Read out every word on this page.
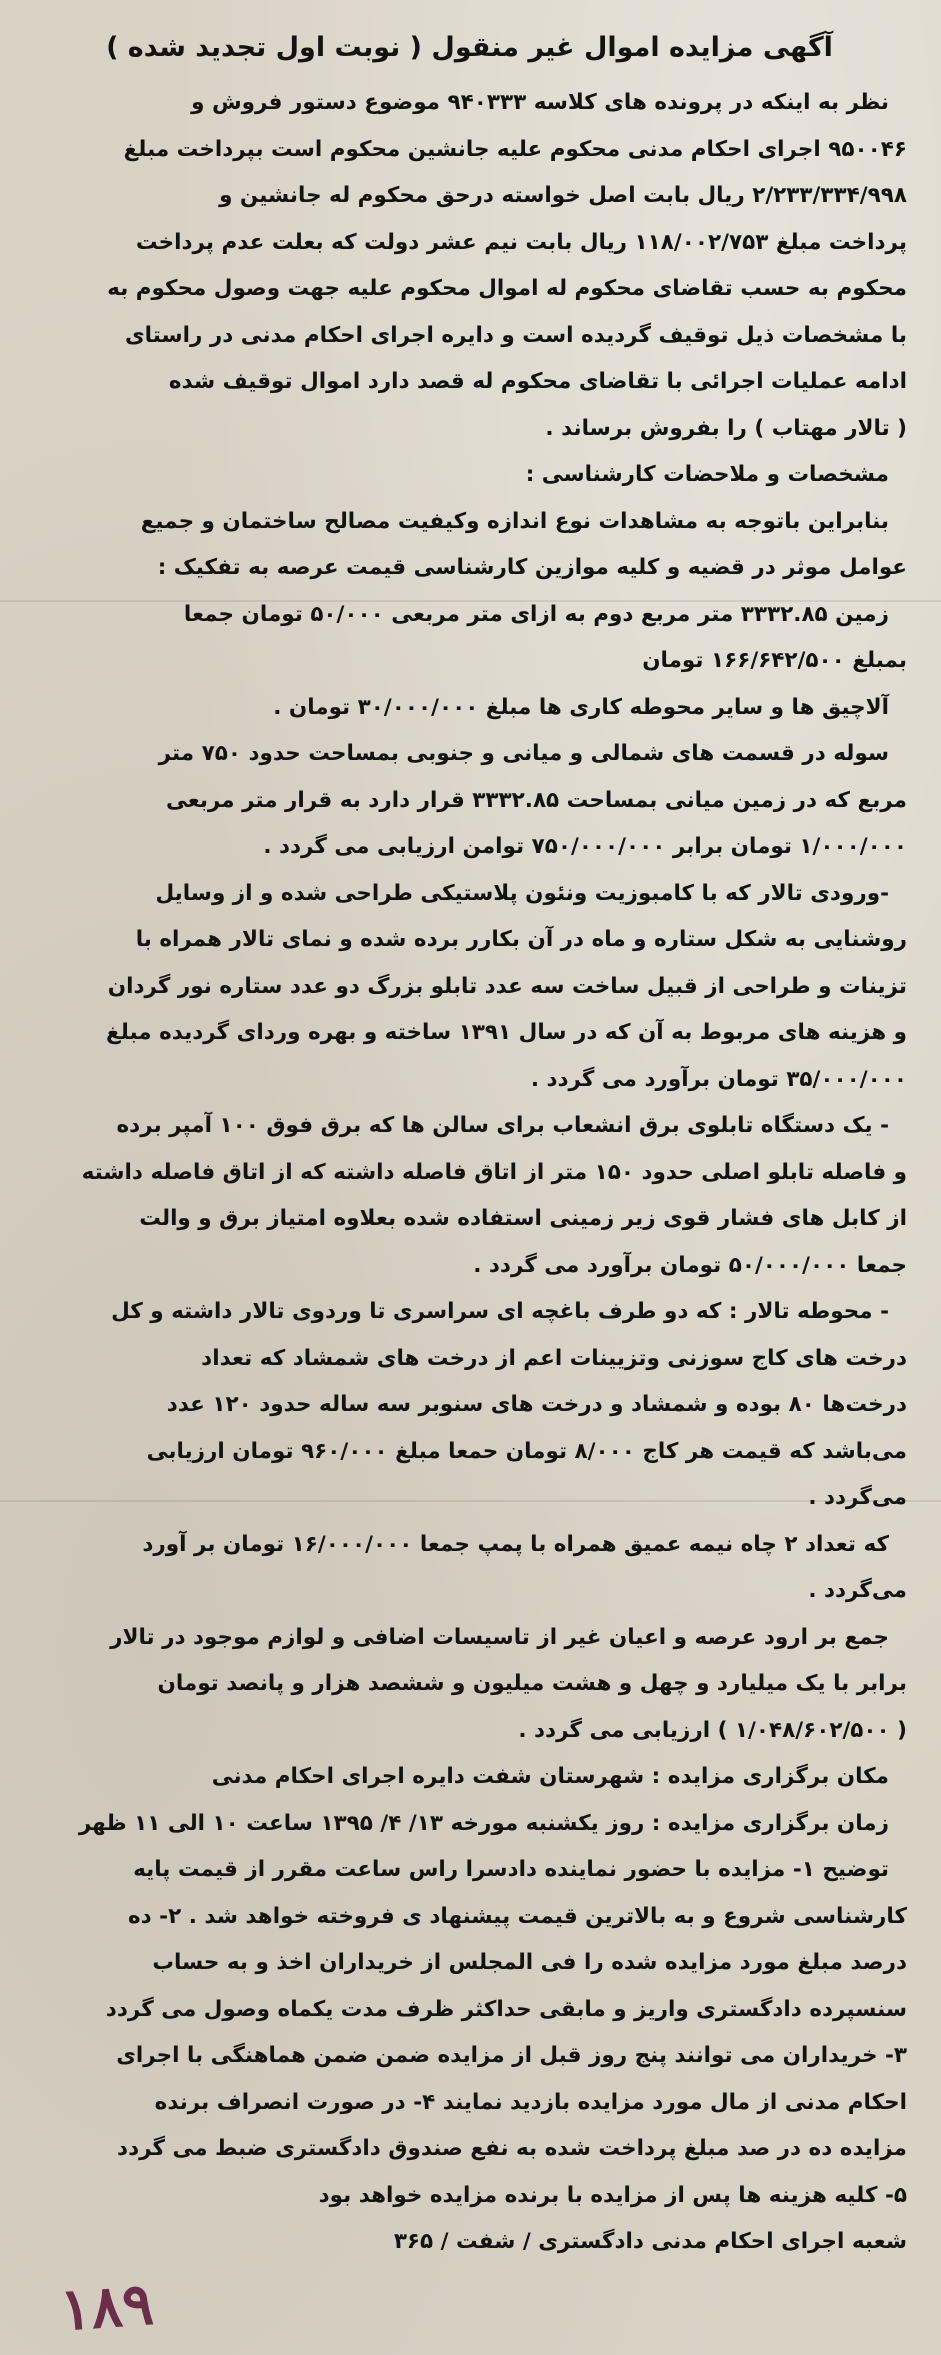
آگهی مزایده اموال غیر منقول ( نوبت اول تجدید شده )
نظر به اینکه در پرونده های کلاسه ۹۴۰۳۳۳ موضوع دستور فروش و
۹۵۰۰۴۶ اجرای احکام مدنی محکوم علیه جانشین محکوم است بپرداخت مبلغ
۲/۲۳۳/۳۳۴/۹۹۸ ریال بابت اصل خواسته درحق محکوم له جانشین و
پرداخت مبلغ ۱۱۸/۰۰۲/۷۵۳ ریال بابت نیم عشر دولت که بعلت عدم پرداخت
محکوم به حسب تقاضای محکوم له اموال محکوم علیه جهت وصول محکوم به
با مشخصات ذیل توقیف گردیده است و دایره اجرای احکام مدنی در راستای
ادامه عملیات اجرائی با تقاضای محکوم له قصد دارد اموال توقیف شده
( تالار مهتاب ) را بفروش برساند .
مشخصات و ملاحضات کارشناسی :
بنابراین باتوجه به مشاهدات نوع اندازه وکیفیت مصالح ساختمان و جمیع
عوامل موثر در قضیه و کلیه موازین کارشناسی قیمت عرصه به تفکیک :
زمین ۳۳۳۲.۸۵ متر مربع دوم به ازای متر مربعی ۵۰/۰۰۰ تومان جمعا
بمبلغ ۱۶۶/۶۴۲/۵۰۰ تومان
آلاچیق ها و سایر محوطه کاری ها مبلغ ۳۰/۰۰۰/۰۰۰ تومان .
سوله در قسمت های شمالی و میانی و جنوبی بمساحت حدود ۷۵۰ متر
مربع که در زمین میانی بمساحت ۳۳۳۲.۸۵ قرار دارد به قرار متر مربعی
۱/۰۰۰/۰۰۰ تومان برابر ۷۵۰/۰۰۰/۰۰۰ توامن ارزیابی می گردد .
-ورودی تالار که با کامبوزیت ونئون پلاستیکی طراحی شده و از وسایل
روشنایی به شکل ستاره و ماه در آن بکارر برده شده و نمای تالار همراه با
تزینات و طراحی از قبیل ساخت سه عدد تابلو بزرگ دو عدد ستاره نور گردان
و هزینه های مربوط به آن که در سال ۱۳۹۱ ساخته و بهره وردای گردیده مبلغ
۳۵/۰۰۰/۰۰۰ تومان برآورد می گردد .
- یک دستگاه تابلوی برق انشعاب برای سالن ها که برق فوق ۱۰۰ آمپر برده
و فاصله تابلو اصلی حدود ۱۵۰ متر از اتاق فاصله داشته که از اتاق فاصله داشته
از کابل های فشار قوی زیر زمینی استفاده شده بعلاوه امتیاز برق و والت
جمعا ۵۰/۰۰۰/۰۰۰ تومان برآورد می گردد .
- محوطه تالار : که دو طرف باغچه ای سراسری تا وردوی تالار داشته و کل
درخت های کاج سوزنی وتزیینات اعم از درخت های شمشاد که تعداد
درخت‌ها ۸۰ بوده و شمشاد و درخت های سنوبر سه ساله حدود ۱۲۰ عدد
می‌باشد که قیمت هر کاج ۸/۰۰۰ تومان حمعا مبلغ ۹۶۰/۰۰۰ تومان ارزیابی
می‌گردد .
که تعداد ۲ چاه نیمه عمیق همراه با پمپ جمعا ۱۶/۰۰۰/۰۰۰ تومان بر آورد
می‌گردد .
جمع بر ارود عرصه و اعیان غیر از تاسیسات اضافی و لوازم موجود در تالار
برابر با یک میلیارد و چهل و هشت میلیون و ششصد هزار و پانصد تومان
( ۱/۰۴۸/۶۰۲/۵۰۰ ) ارزیابی می گردد .
مکان برگزاری مزایده : شهرستان شفت دایره اجرای احکام مدنی
زمان برگزاری مزایده : روز یکشنبه مورخه ۱۳/ ۴/ ۱۳۹۵ ساعت ۱۰ الی ۱۱ ظهر
توضیح ۱- مزایده با حضور نماینده دادسرا راس ساعت مقرر از قیمت پایه
کارشناسی شروع و به بالاترین قیمت پیشنهاد ی فروخته خواهد شد . ۲- ده
درصد مبلغ مورد مزایده شده را فی المجلس از خریداران اخذ و به حساب
سنسپرده دادگستری واریز و مابقی حداکثر ظرف مدت یکماه وصول می گردد
۳- خریداران می توانند پنج روز قبل از مزایده ضمن ضمن هماهنگی با اجرای
احکام مدنی از مال مورد مزایده بازدید نمایند ۴- در صورت انصراف برنده
مزایده ده در صد مبلغ پرداخت شده به نفع صندوق دادگستری ضبط می گردد
۵- کلیه هزینه ها پس از مزایده با برنده مزایده خواهد بود
شعبه اجرای احکام مدنی دادگستری / شفت / ۳۶۵
۱۸۹
